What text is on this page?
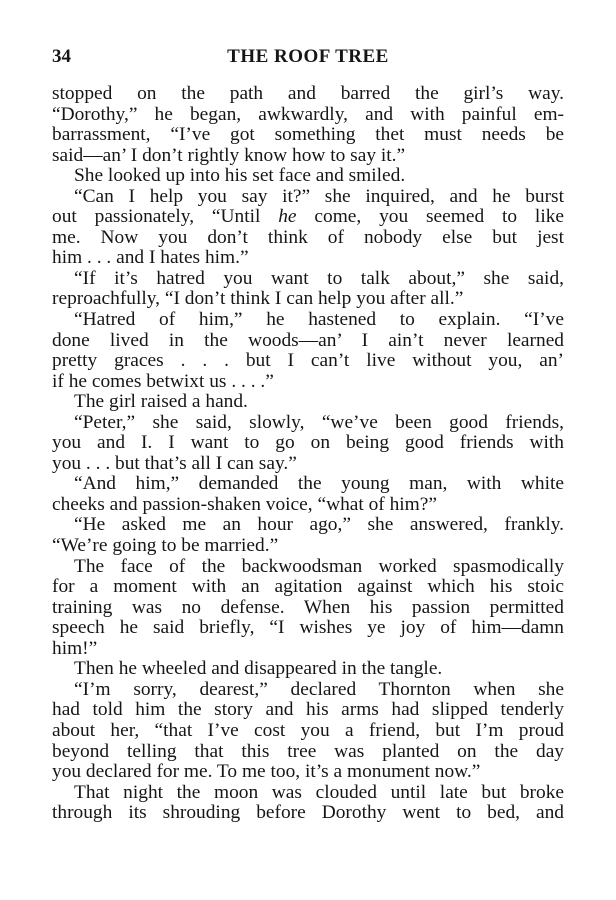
34	THE ROOF TREE
stopped on the path and barred the girl’s way.
“Dorothy,” he began, awkwardly, and with painful em-
barrassment, “I’ve got something thet must needs be
said—an’ I don’t rightly know how to say it.”
She looked up into his set face and smiled.
“Can I help you say it?” she inquired, and he burst
out passionately, “Until he come, you seemed to like
me. Now you don’t think of nobody else but jest
him . . . and I hates him.”
“If it’s hatred you want to talk about,” she said,
reproachfully, “I don’t think I can help you after all.”
“Hatred of him,” he hastened to explain. “I’ve
done lived in the woods—an’ I ain’t never learned
pretty graces . . . but I can’t live without you, an’
if he comes betwixt us . . . .”
The girl raised a hand.
“Peter,” she said, slowly, “we’ve been good friends,
you and I. I want to go on being good friends with
you . . . but that’s all I can say.”
“And him,” demanded the young man, with white
cheeks and passion-shaken voice, “what of him?”
“He asked me an hour ago,” she answered, frankly.
“We’re going to be married.”
The face of the backwoodsman worked spasmodically
for a moment with an agitation against which his stoic
training was no defense. When his passion permitted
speech he said briefly, “I wishes ye joy of him—damn
him!”
Then he wheeled and disappeared in the tangle.
“I’m sorry, dearest,” declared Thornton when she
had told him the story and his arms had slipped tenderly
about her, “that I’ve cost you a friend, but I’m proud
beyond telling that this tree was planted on the day
you declared for me. To me too, it’s a monument now.”
That night the moon was clouded until late but broke
through its shrouding before Dorothy went to bed, and
